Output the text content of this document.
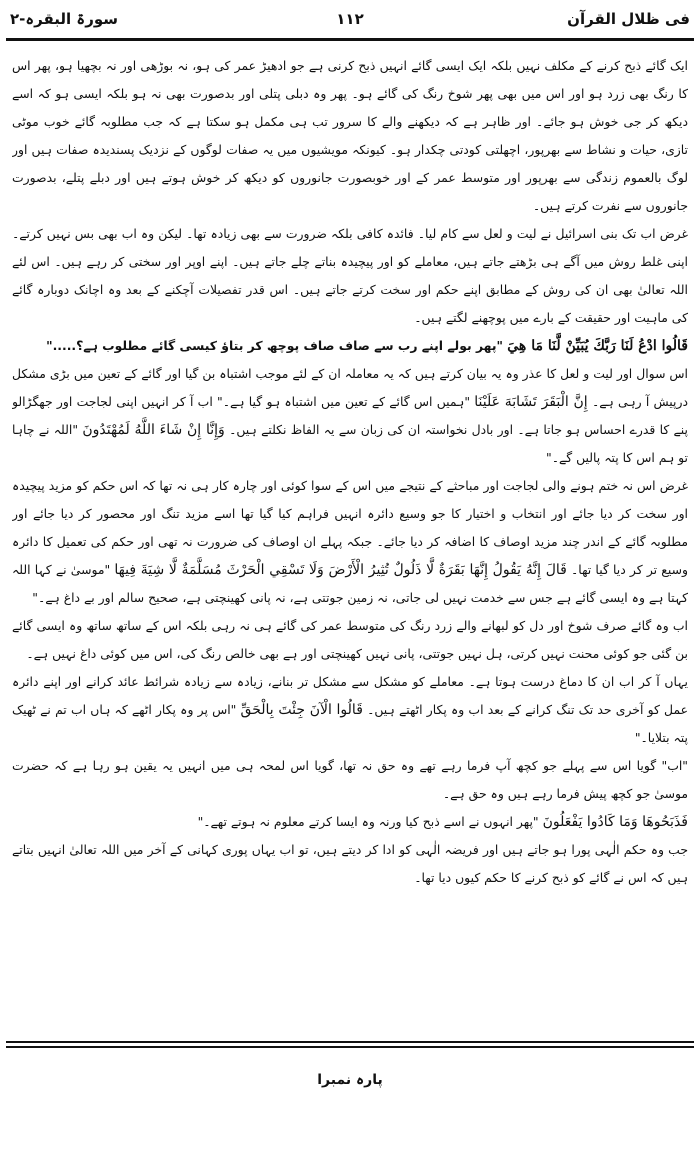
فی ظلال القرآن
۱۱۲
سورۃ البقرہ-۲

ایک گائے ذبح کرنے کے مکلف نہیں بلکہ ایک ایسی گائے انہیں ذبح کرنی ہے جو ادھیڑ عمر کی ہو، نہ بوڑھی اور نہ بچھیا ہو، پھر اس کا رنگ بھی زرد ہو اور اس میں بھی پھر شوخ رنگ کی گائے ہو۔ پھر وہ دبلی پتلی اور بدصورت بھی نہ ہو بلکہ ایسی ہو کہ اسے دیکھ کر جی خوش ہو جائے۔ اور ظاہر ہے کہ دیکھنے والے کا سرور تب ہی مکمل ہو سکتا ہے کہ جب مطلوبہ گائے خوب موٹی تازی، حیات و نشاط سے بھرپور، اچھلتی کودتی چکدار ہو۔ کیونکہ مویشیوں میں یہ صفات لوگوں کے نزدیک پسندیدہ صفات ہیں اور لوگ بالعموم زندگی سے بھرپور اور متوسط عمر کے اور خوبصورت جانوروں کو دیکھ کر خوش ہوتے ہیں اور دبلے پتلے، بدصورت جانوروں سے نفرت کرتے ہیں۔

غرض اب تک بنی اسرائیل نے لیت و لعل سے کام لیا۔ فائدہ کافی بلکہ ضرورت سے بھی زیادہ تھا۔ لیکن وہ اب بھی بس نہیں کرتے۔ اپنی غلط روش میں آگے ہی بڑھتے جاتے ہیں، معاملے کو اور پیچیدہ بناتے چلے جاتے ہیں۔ اپنے اوپر اور سختی کر رہے ہیں۔ اس لئے اللہ تعالیٰ بھی ان کی روش کے مطابق اپنے حکم اور سخت کرتے جاتے ہیں۔ اس قدر تفصیلات آچکنے کے بعد وہ اچانک دوبارہ گائے کی ماہیت اور حقیقت کے بارے میں پوچھنے لگتے ہیں۔

قَالُوا ادْعُ لَنَا رَبَّكَ يُبَيِّنْ لَّنَا مَا هِيَ "پھر بولے اپنے رب سے صاف صاف پوچھ کر بتاؤ کیسی گائے مطلوب ہے؟....."

اس سوال اور لیت و لعل کا عذر وہ یہ بیان کرتے ہیں کہ یہ معاملہ ان کے لئے موجب اشتباہ بن گیا اور گائے کے تعین میں بڑی مشکل درپیش آ رہی ہے۔ إِنَّ الْبَقَرَ تَشَابَهَ عَلَيْنَا "ہمیں اس گائے کے تعین میں اشتباہ ہو گیا ہے۔" اب آ کر انہیں اپنی لجاجت اور جھگڑالو پنے کا قدرے احساس ہو جاتا ہے۔ اور بادل نخواستہ ان کی زبان سے یہ الفاظ نکلتے ہیں۔ وَإِنَّا إِنْ شَاءَ اللَّهُ لَمُهْتَدُونَ "اللہ نے چاہا تو ہم اس کا پتہ پالیں گے۔"

غرض اس نہ ختم ہونے والی لجاجت اور مباحثے کے نتیجے میں اس کے سوا کوئی اور چارہ کار ہی نہ تھا کہ اس حکم کو مزید پیچیدہ اور سخت کر دیا جائے اور انتخاب و اختیار کا جو وسیع دائرہ انہیں فراہم کیا گیا تھا اسے مزید تنگ اور محصور کر دیا جائے اور مطلوبہ گائے کے اندر چند مزید اوصاف کا اضافہ کر دیا جائے۔ جبکہ پہلے ان اوصاف کی ضرورت نہ تھی اور حکم کی تعمیل کا دائرہ وسیع تر کر دیا گیا تھا۔ قَالَ إِنَّهُ يَقُولُ إِنَّهَا بَقَرَةٌ لَّا ذَلُولٌ تُثِيرُ الْأَرْضَ وَلَا تَسْقِي الْحَرْثَ مُسَلَّمَةٌ لَّا شِيَةَ فِيهَا "موسیٰ نے کہا اللہ کہتا ہے وہ ایسی گائے ہے جس سے خدمت نہیں لی جاتی، نہ زمین جوتتی ہے، نہ پانی کھینچتی ہے، صحیح سالم اور بے داغ ہے۔"

اب وہ گائے صرف شوخ اور دل کو لبھانے والے زرد رنگ کی متوسط عمر کی گائے ہی نہ رہی بلکہ اس کے ساتھ ساتھ وہ ایسی گائے بن گئی جو کوئی محنت نہیں کرتی، ہل نہیں جوتتی، پانی نہیں کھینچتی اور ہے بھی خالص رنگ کی، اس میں کوئی داغ نہیں ہے۔

یہاں آ کر اب ان کا دماغ درست ہوتا ہے۔ معاملے کو مشکل سے مشکل تر بنانے، زیادہ سے زیادہ شرائط عائد کرانے اور اپنے دائرہ عمل کو آخری حد تک تنگ کرانے کے بعد اب وہ پکار اٹھتے ہیں۔ قَالُوا الْآنَ جِئْتَ بِالْحَقِّ "اس پر وہ پکار اٹھے کہ ہاں اب تم نے ٹھیک پتہ بتلایا۔"

"اب" گویا اس سے پہلے جو کچھ آپ فرما رہے تھے وہ حق نہ تھا، گویا اس لمحہ ہی میں انہیں یہ یقین ہو رہا ہے کہ حضرت موسیٰ جو کچھ پیش فرما رہے ہیں وہ حق ہے۔

فَذَبَحُوهَا وَمَا كَادُوا يَفْعَلُونَ "پھر انہوں نے اسے ذبح کیا ورنہ وہ ایسا کرتے معلوم نہ ہوتے تھے۔"

جب وہ حکم الٰہی پورا ہو جاتے ہیں اور فریضہ الٰہی کو ادا کر دیتے ہیں، تو اب یہاں پوری کہانی کے آخر میں اللہ تعالیٰ انہیں بتاتے ہیں کہ اس نے گائے کو ذبح کرنے کا حکم کیوں دیا تھا۔

پارہ نمبرا
